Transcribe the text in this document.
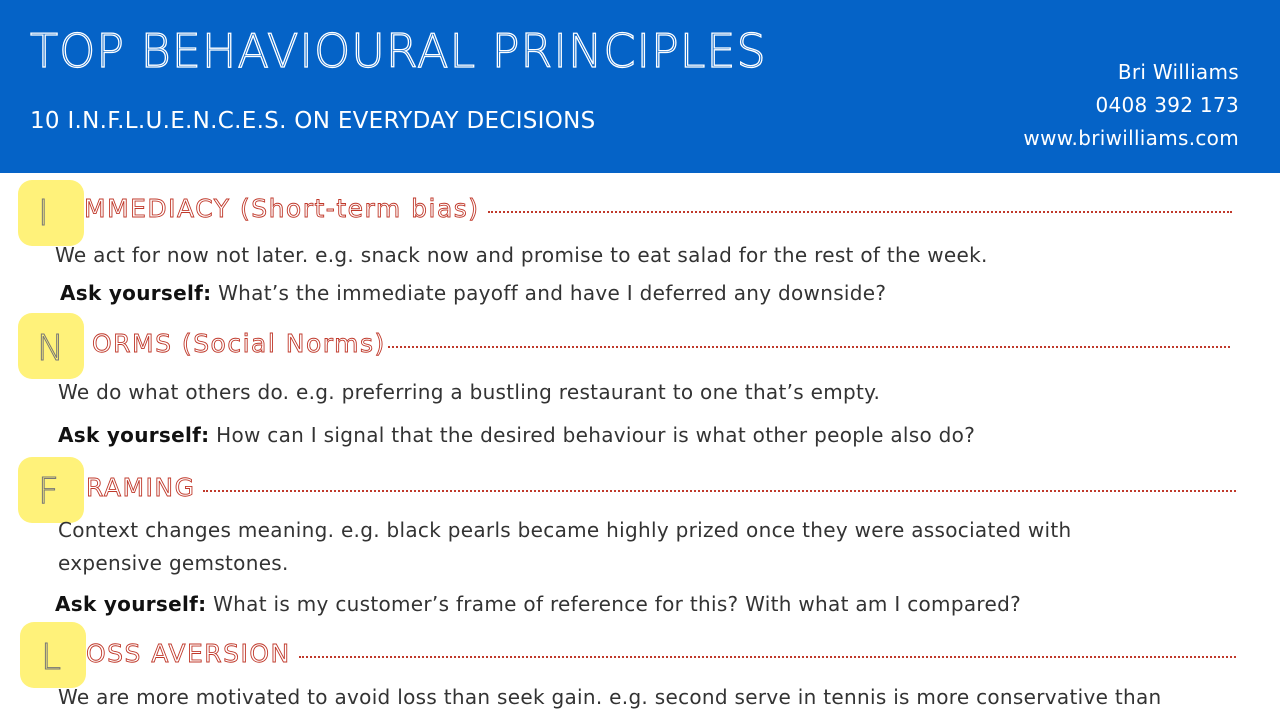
TOP BEHAVIOURAL PRINCIPLES
10 I.N.F.L.U.E.N.C.E.S. ON EVERYDAY DECISIONS
Bri Williams
0408 392 173
www.briwilliams.com
I MMEDIACY (Short-term bias)
We act for now not later. e.g. snack now and promise to eat salad for the rest of the week.
Ask yourself: What’s the immediate payoff and have I deferred any downside?
N ORMS (Social Norms)
We do what others do. e.g. preferring a bustling restaurant to one that’s empty.
Ask yourself: How can I signal that the desired behaviour is what other people also do?
F RAMING
Context changes meaning. e.g. black pearls became highly prized once they were associated with expensive gemstones.
Ask yourself: What is my customer’s frame of reference for this? With what am I compared?
L OSS AVERSION
We are more motivated to avoid loss than seek gain. e.g. second serve in tennis is more conservative than
